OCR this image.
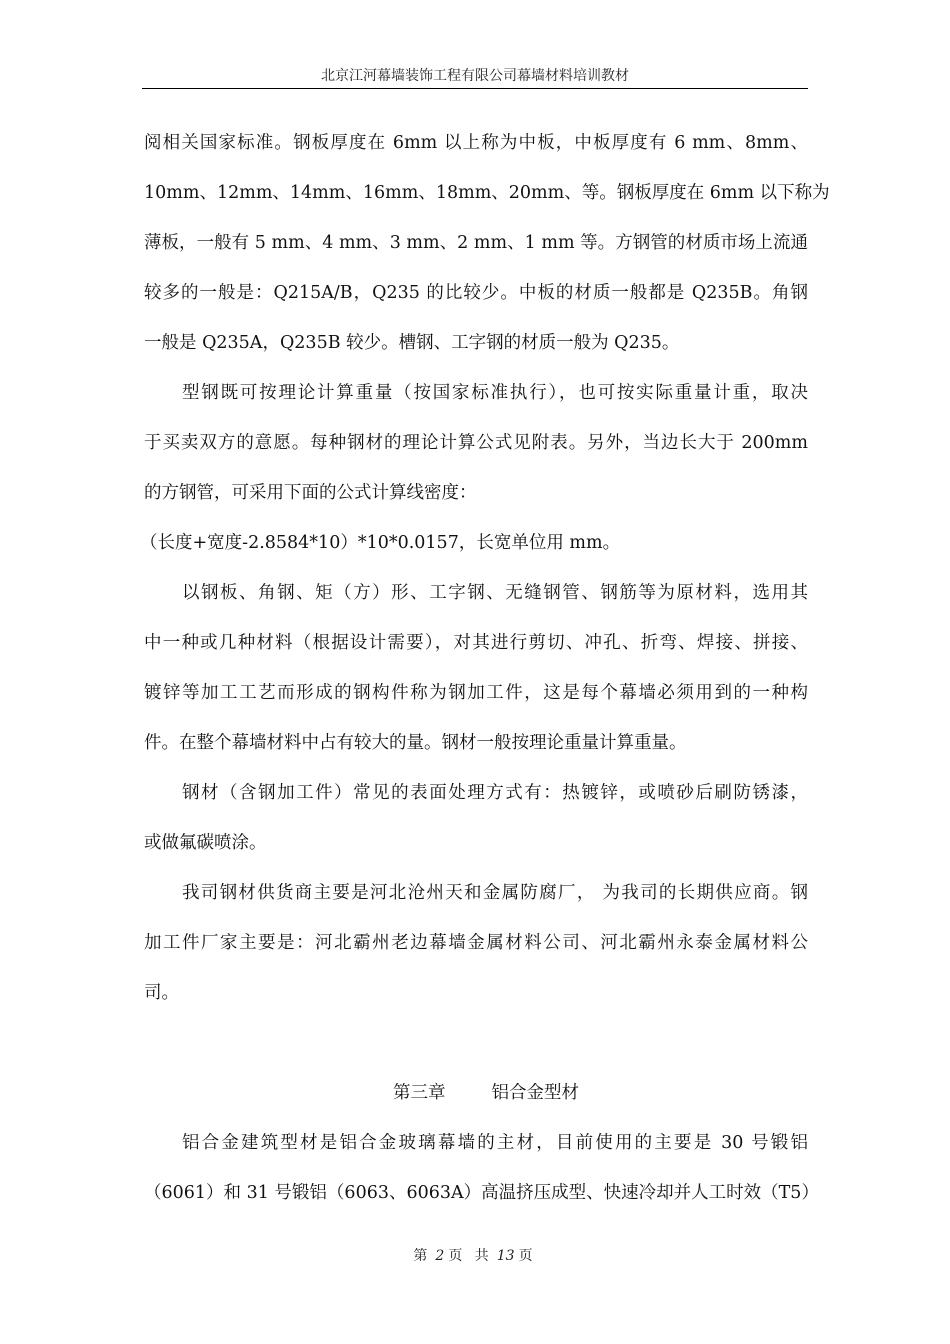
北京江河幕墙装饰工程有限公司幕墙材料培训教材
阅相关国家标准。钢板厚度在 6mm 以上称为中板，中板厚度有 6 mm、8mm、
10mm、12mm、14mm、16mm、18mm、20mm、等。钢板厚度在 6mm 以下称为
薄板，一般有 5 mm、4 mm、3 mm、2 mm、1 mm 等。方钢管的材质市场上流通
较多的一般是：Q215A/B，Q235 的比较少。中板的材质一般都是 Q235B。角钢
一般是 Q235A，Q235B 较少。槽钢、工字钢的材质一般为 Q235。
型钢既可按理论计算重量（按国家标准执行），也可按实际重量计重，取决
于买卖双方的意愿。每种钢材的理论计算公式见附表。另外，当边长大于 200mm
的方钢管，可采用下面的公式计算线密度：
（长度+宽度-2.8584*10）*10*0.0157，长宽单位用 mm。
以钢板、角钢、矩（方）形、工字钢、无缝钢管、钢筋等为原材料，选用其
中一种或几种材料（根据设计需要），对其进行剪切、冲孔、折弯、焊接、拼接、
镀锌等加工工艺而形成的钢构件称为钢加工件，这是每个幕墙必须用到的一种构
件。在整个幕墙材料中占有较大的量。钢材一般按理论重量计算重量。
钢材（含钢加工件）常见的表面处理方式有：热镀锌，或喷砂后刷防锈漆，
或做氟碳喷涂。
我司钢材供货商主要是河北沧州天和金属防腐厂， 为我司的长期供应商。钢
加工件厂家主要是：河北霸州老边幕墙金属材料公司、河北霸州永泰金属材料公
司。
第三章	铝合金型材
铝合金建筑型材是铝合金玻璃幕墙的主材，目前使用的主要是 30 号锻铝
（6061）和 31 号锻铝（6063、6063A）高温挤压成型、快速冷却并人工时效（T5）
第 2 页 共 13 页
